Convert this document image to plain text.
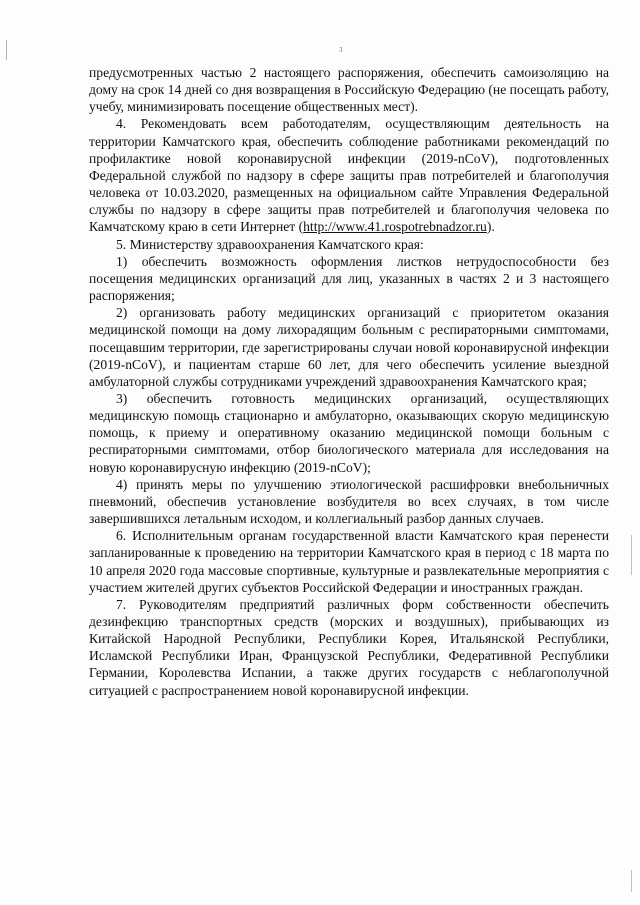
3

предусмотренных частью 2 настоящего распоряжения, обеспечить самоизоляцию на дому на срок 14 дней со дня возвращения в Российскую Федерацию (не посещать работу, учебу, минимизировать посещение общественных мест).

4. Рекомендовать всем работодателям, осуществляющим деятельность на территории Камчатского края, обеспечить соблюдение работниками рекомендаций по профилактике новой коронавирусной инфекции (2019-nCoV), подготовленных Федеральной службой по надзору в сфере защиты прав потребителей и благополучия человека от 10.03.2020, размещенных на официальном сайте Управления Федеральной службы по надзору в сфере защиты прав потребителей и благополучия человека по Камчатскому краю в сети Интернет (http://www.41.rospotrebnadzor.ru).

5. Министерству здравоохранения Камчатского края:

1) обеспечить возможность оформления листков нетрудоспособности без посещения медицинских организаций для лиц, указанных в частях 2 и 3 настоящего распоряжения;

2) организовать работу медицинских организаций с приоритетом оказания медицинской помощи на дому лихорадящим больным с респираторными симптомами, посещавшим территории, где зарегистрированы случаи новой коронавирусной инфекции (2019-nCoV), и пациентам старше 60 лет, для чего обеспечить усиление выездной амбулаторной службы сотрудниками учреждений здравоохранения Камчатского края;

3) обеспечить готовность медицинских организаций, осуществляющих медицинскую помощь стационарно и амбулаторно, оказывающих скорую медицинскую помощь, к приему и оперативному оказанию медицинской помощи больным с респираторными симптомами, отбор биологического материала для исследования на новую коронавирусную инфекцию (2019-nCoV);

4) принять меры по улучшению этиологической расшифровки внебольничных пневмоний, обеспечив установление возбудителя во всех случаях, в том числе завершившихся летальным исходом, и коллегиальный разбор данных случаев.

6. Исполнительным органам государственной власти Камчатского края перенести запланированные к проведению на территории Камчатского края в период с 18 марта по 10 апреля 2020 года массовые спортивные, культурные и развлекательные мероприятия с участием жителей других субъектов Российской Федерации и иностранных граждан.

7. Руководителям предприятий различных форм собственности обеспечить дезинфекцию транспортных средств (морских и воздушных), прибывающих из Китайской Народной Республики, Республики Корея, Итальянской Республики, Исламской Республики Иран, Французской Республики, Федеративной Республики Германии, Королевства Испании, а также других государств с неблагополучной ситуацией с распространением новой коронавирусной инфекции.
